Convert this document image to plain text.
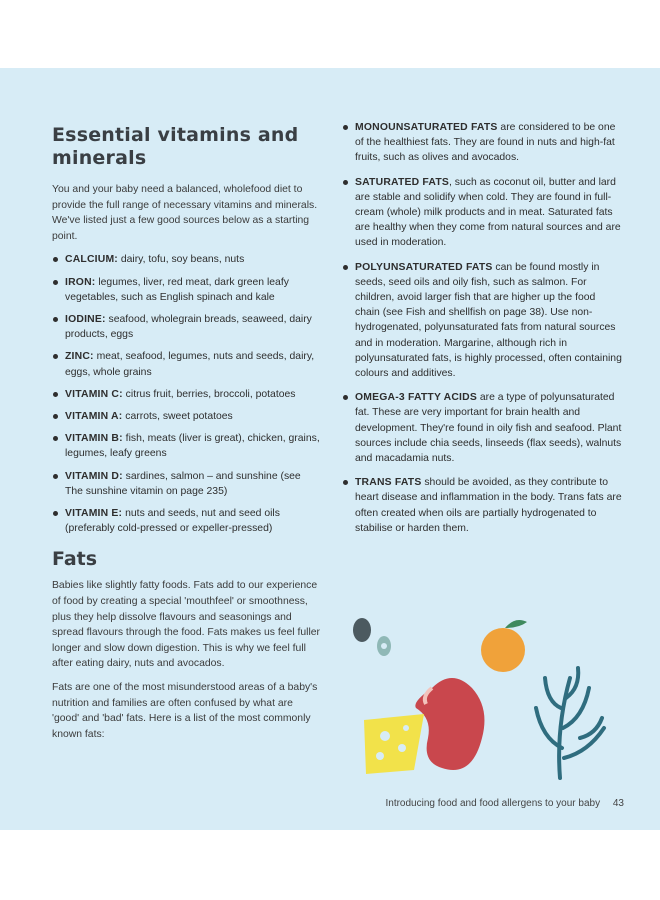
Essential vitamins and minerals

You and your baby need a balanced, wholefood diet to provide the full range of necessary vitamins and minerals. We've listed just a few good sources below as a starting point.

CALCIUM: dairy, tofu, soy beans, nuts
IRON: legumes, liver, red meat, dark green leafy vegetables, such as English spinach and kale
IODINE: seafood, wholegrain breads, seaweed, dairy products, eggs
ZINC: meat, seafood, legumes, nuts and seeds, dairy, eggs, whole grains
VITAMIN C: citrus fruit, berries, broccoli, potatoes
VITAMIN A: carrots, sweet potatoes
VITAMIN B: fish, meats (liver is great), chicken, grains, legumes, leafy greens
VITAMIN D: sardines, salmon – and sunshine (see The sunshine vitamin on page 235)
VITAMIN E: nuts and seeds, nut and seed oils (preferably cold-pressed or expeller-pressed)
Fats

Babies like slightly fatty foods. Fats add to our experience of food by creating a special 'mouthfeel' or smoothness, plus they help dissolve flavours and seasonings and spread flavours through the food. Fats makes us feel fuller longer and slow down digestion. This is why we feel full after eating dairy, nuts and avocados.

Fats are one of the most misunderstood areas of a baby's nutrition and families are often confused by what are 'good' and 'bad' fats. Here is a list of the most commonly known fats:

MONOUNSATURATED FATS are considered to be one of the healthiest fats. They are found in nuts and high-fat fruits, such as olives and avocados.
SATURATED FATS, such as coconut oil, butter and lard are stable and solidify when cold. They are found in full-cream (whole) milk products and in meat. Saturated fats are healthy when they come from natural sources and are used in moderation.
POLYUNSATURATED FATS can be found mostly in seeds, seed oils and oily fish, such as salmon. For children, avoid larger fish that are higher up the food chain (see Fish and shellfish on page 38). Use non-hydrogenated, polyunsaturated fats from natural sources and in moderation. Margarine, although rich in polyunsaturated fats, is highly processed, often containing colours and additives.
OMEGA-3 FATTY ACIDS are a type of polyunsaturated fat. These are very important for brain health and development. They're found in oily fish and seafood. Plant sources include chia seeds, linseeds (flax seeds), walnuts and macadamia nuts.
TRANS FATS should be avoided, as they contribute to heart disease and inflammation in the body. Trans fats are often created when oils are partially hydrogenated to stabilise or harden them.
Introducing food and food allergens to your baby 43
